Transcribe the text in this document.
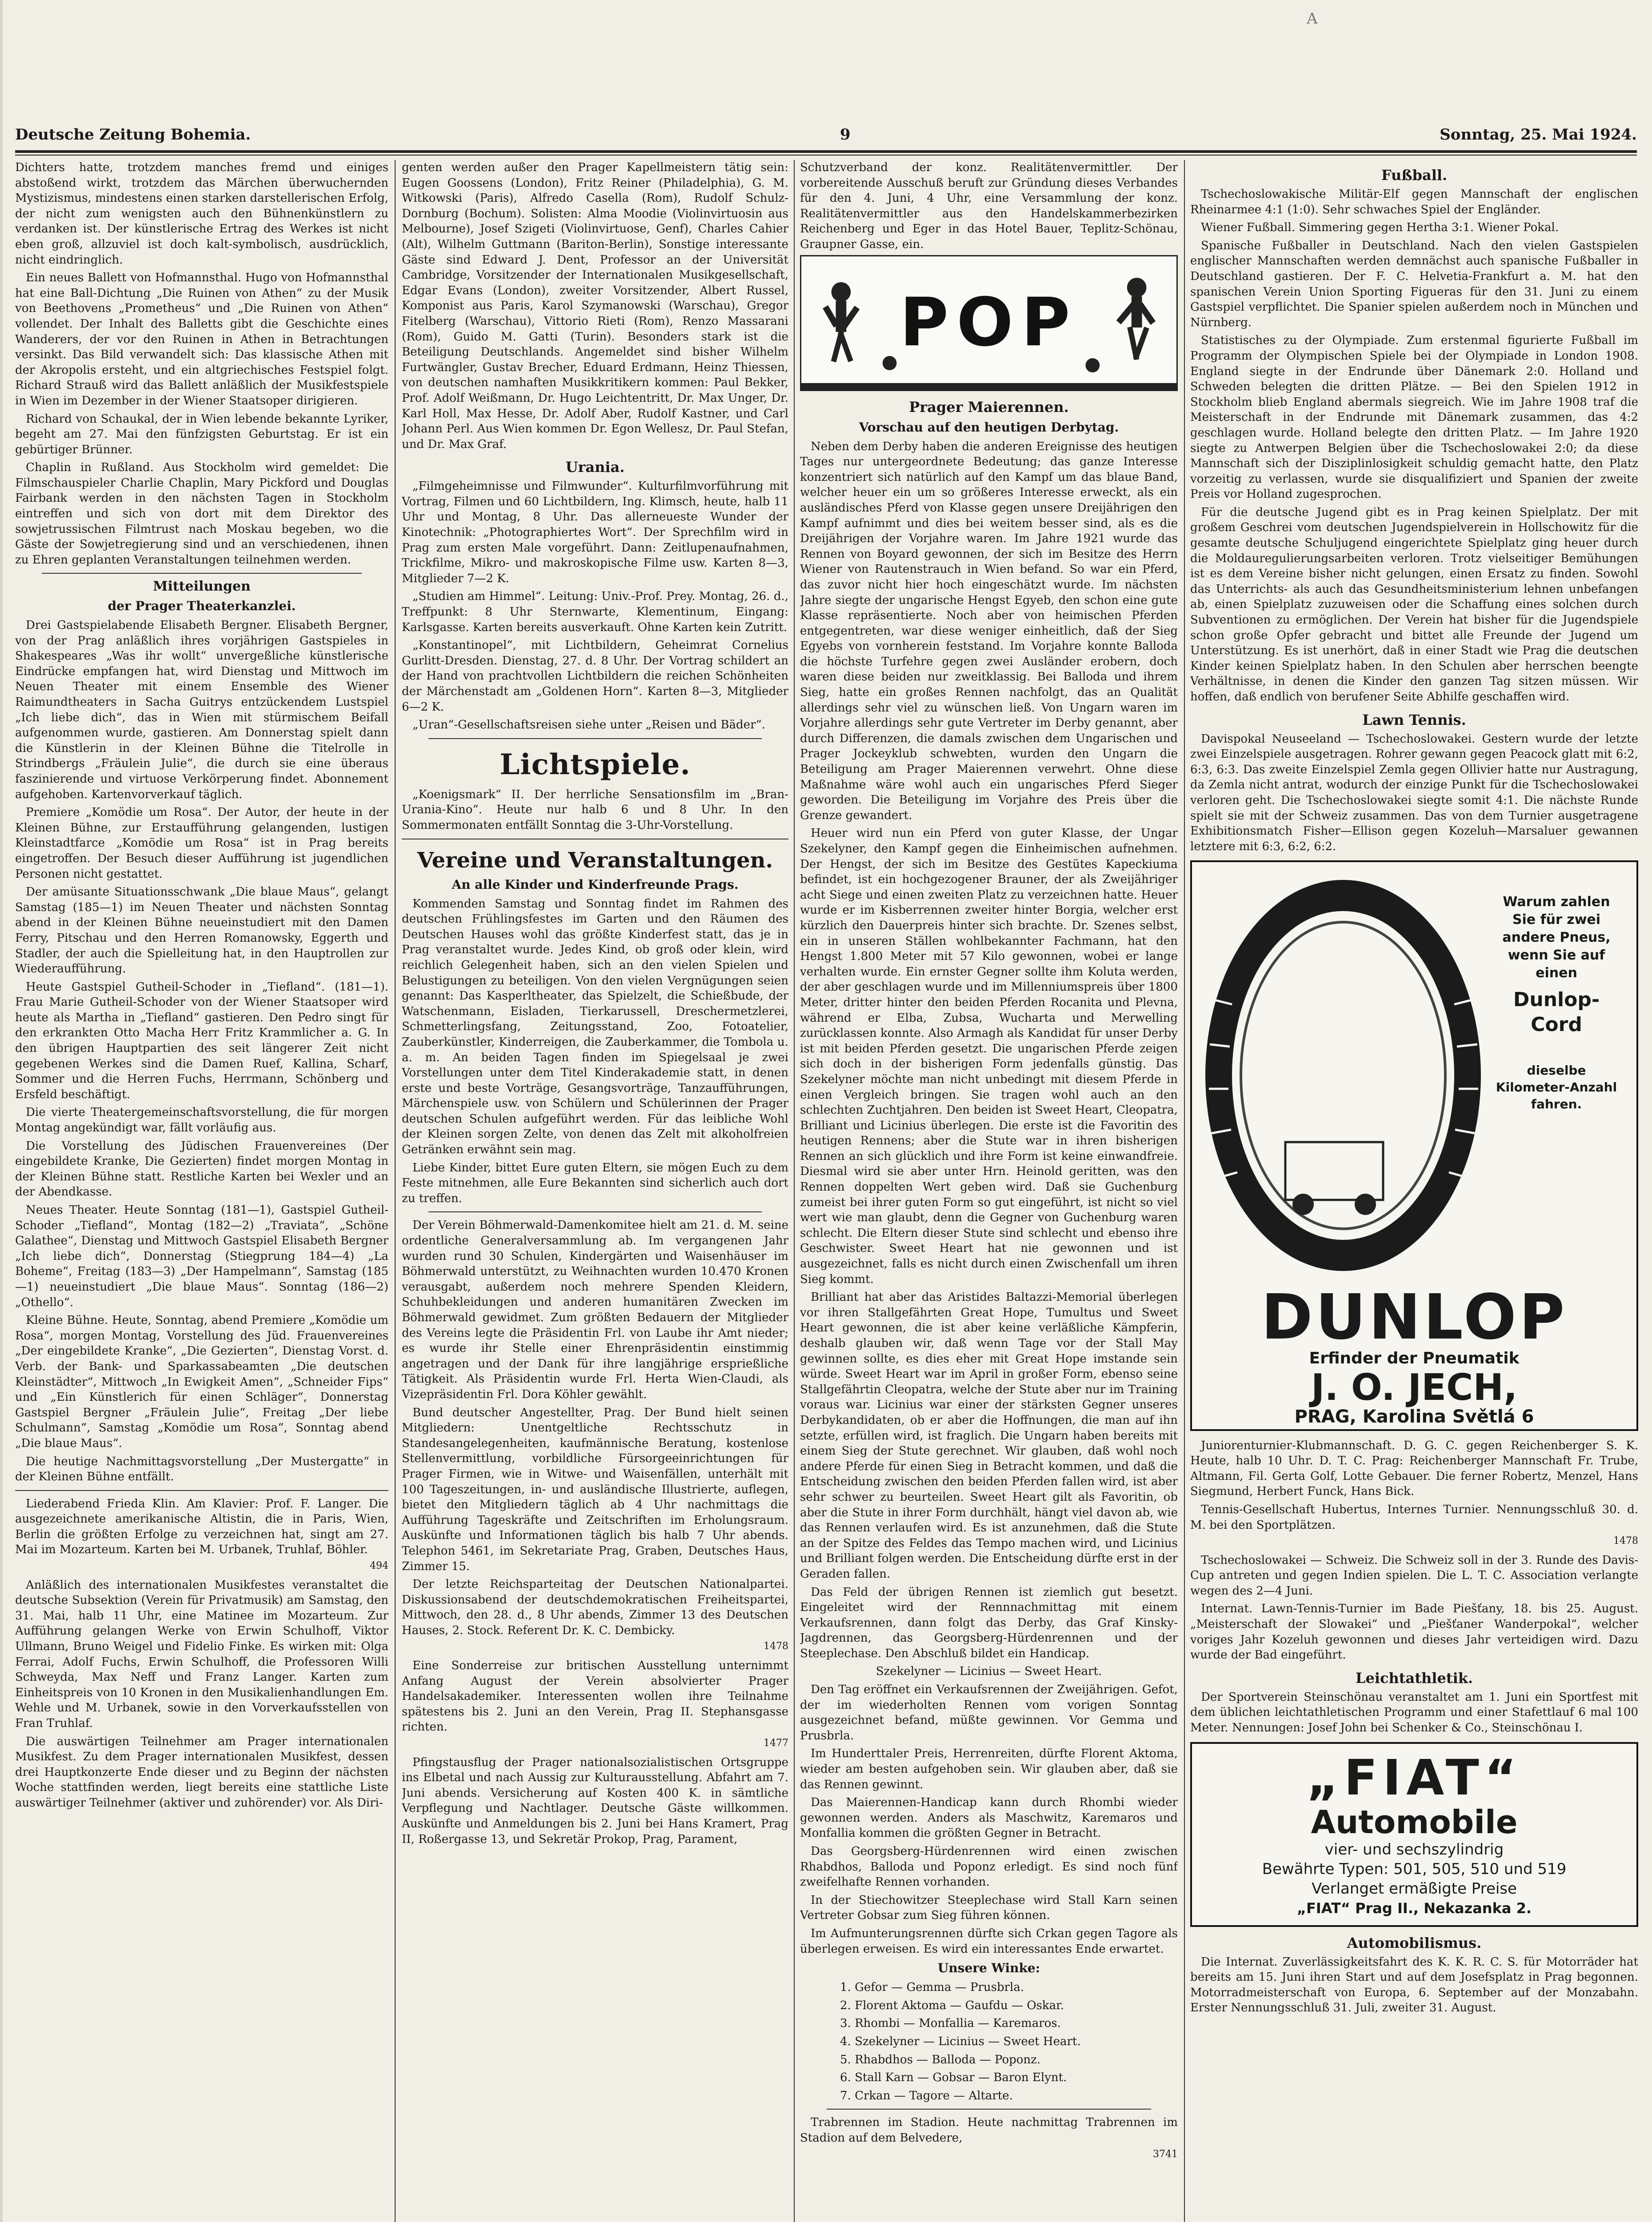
A
Deutsche Zeitung Bohemia.	9	Sonntag, 25. Mai 1924.

Dichters hatte, trotzdem manches fremd und einiges abstoßend wirkt, trotzdem das Märchen überwuchernden Mystizismus, mindestens einen starken darstellerischen Erfolg, der nicht zum wenigsten auch den Bühnenkünstlern zu verdanken ist. Der künstlerische Ertrag des Werkes ist nicht eben groß, allzuviel ist doch kalt-symbolisch, ausdrücklich, nicht eindringlich.

Ein neues Ballett von Hofmannsthal. Hugo von Hofmannsthal hat eine Ball-Dichtung „Die Ruinen von Athen“ zu der Musik von Beethovens „Prometheus“ und „Die Ruinen von Athen“ vollendet. Der Inhalt des Balletts gibt die Geschichte eines Wanderers, der vor den Ruinen in Athen in Betrachtungen versinkt. Das Bild verwandelt sich: Das klassische Athen mit der Akropolis ersteht, und ein altgriechisches Festspiel folgt. Richard Strauß wird das Ballett anläßlich der Musikfestspiele in Wien im Dezember in der Wiener Staatsoper dirigieren.

Richard von Schaukal, der in Wien lebende bekannte Lyriker, begeht am 27. Mai den fünfzigsten Geburtstag. Er ist ein gebürtiger Brünner.

Chaplin in Rußland. Aus Stockholm wird gemeldet: Die Filmschauspieler Charlie Chaplin, Mary Pickford und Douglas Fairbank werden in den nächsten Tagen in Stockholm eintreffen und sich von dort mit dem Direktor des sowjetrussischen Filmtrust nach Moskau begeben, wo die Gäste der Sowjetregierung sind und an verschiedenen, ihnen zu Ehren geplanten Veranstaltungen teilnehmen werden.

Mitteilungen
der Prager Theaterkanzlei.

Drei Gastspielabende Elisabeth Bergner. Elisabeth Bergner, von der Prag anläßlich ihres vorjährigen Gastspieles in Shakespeares „Was ihr wollt“ unvergeßliche künstlerische Eindrücke empfangen hat, wird Dienstag und Mittwoch im Neuen Theater mit einem Ensemble des Wiener Raimundtheaters in Sacha Guitrys entzückendem Lustspiel „Ich liebe dich“, das in Wien mit stürmischem Beifall aufgenommen wurde, gastieren. Am Donnerstag spielt dann die Künstlerin in der Kleinen Bühne die Titelrolle in Strindbergs „Fräulein Julie“, die durch sie eine überaus faszinierende und virtuose Verkörperung findet. Abonnement aufgehoben. Kartenvorverkauf täglich.

Premiere „Komödie um Rosa“. Der Autor, der heute in der Kleinen Bühne, zur Erstaufführung gelangenden, lustigen Kleinstadtfarce „Komödie um Rosa“ ist in Prag bereits eingetroffen. Der Besuch dieser Aufführung ist jugendlichen Personen nicht gestattet.

Der amüsante Situationsschwank „Die blaue Maus“, gelangt Samstag (185—1) im Neuen Theater und nächsten Sonntag abend in der Kleinen Bühne neueinstudiert mit den Damen Ferry, Pitschau und den Herren Romanowsky, Eggerth und Stadler, der auch die Spielleitung hat, in den Hauptrollen zur Wiederaufführung.

Heute Gastspiel Gutheil-Schoder in „Tiefland“. (181—1). Frau Marie Gutheil-Schoder von der Wiener Staatsoper wird heute als Martha in „Tiefland“ gastieren. Den Pedro singt für den erkrankten Otto Macha Herr Fritz Krammlicher a. G. In den übrigen Hauptpartien des seit längerer Zeit nicht gegebenen Werkes sind die Damen Ruef, Kallina, Scharf, Sommer und die Herren Fuchs, Herrmann, Schönberg und Ersfeld beschäftigt.

Die vierte Theatergemeinschaftsvorstellung, die für morgen Montag angekündigt war, fällt vorläufig aus.

Die Vorstellung des Jüdischen Frauenvereines (Der eingebildete Kranke, Die Gezierten) findet morgen Montag in der Kleinen Bühne statt. Restliche Karten bei Wexler und an der Abendkasse.

Neues Theater. Heute Sonntag (181—1), Gastspiel Gutheil-Schoder „Tiefland“, Montag (182—2) „Traviata“, „Schöne Galathee“, Dienstag und Mittwoch Gastspiel Elisabeth Bergner „Ich liebe dich“, Donnerstag (Stiegprung 184—4) „La Boheme“, Freitag (183—3) „Der Hampelmann“, Samstag (185—1) neueinstudiert „Die blaue Maus“. Sonntag (186—2) „Othello“.

Kleine Bühne. Heute, Sonntag, abend Premiere „Komödie um Rosa“, morgen Montag, Vorstellung des Jüd. Frauenvereines „Der eingebildete Kranke“, „Die Gezierten“, Dienstag Vorst. d. Verb. der Bank- und Sparkassabeamten „Die deutschen Kleinstädter“, Mittwoch „In Ewigkeit Amen“, „Schneider Fips“ und „Ein Künstlerich für einen Schläger“, Donnerstag Gastspiel Bergner „Fräulein Julie“, Freitag „Der liebe Schulmann“, Samstag „Komödie um Rosa“, Sonntag abend „Die blaue Maus“.

Die heutige Nachmittagsvorstellung „Der Mustergatte“ in der Kleinen Bühne entfällt.

Liederabend Frieda Klin. Am Klavier: Prof. F. Langer. Die ausgezeichnete amerikanische Altistin, die in Paris, Wien, Berlin die größten Erfolge zu verzeichnen hat, singt am 27. Mai im Mozarteum. Karten bei M. Urbanek, Truhlaf, Böhler.

494

Anläßlich des internationalen Musikfestes veranstaltet die deutsche Subsektion (Verein für Privatmusik) am Samstag, den 31. Mai, halb 11 Uhr, eine Matinee im Mozarteum. Zur Aufführung gelangen Werke von Erwin Schulhoff, Viktor Ullmann, Bruno Weigel und Fidelio Finke. Es wirken mit: Olga Ferrai, Adolf Fuchs, Erwin Schulhoff, die Professoren Willi Schweyda, Max Neff und Franz Langer. Karten zum Einheitspreis von 10 Kronen in den Musikalienhandlungen Em. Wehle und M. Urbanek, sowie in den Vorverkaufsstellen von Fran Truhlaf.

Die auswärtigen Teilnehmer am Prager internationalen Musikfest. Zu dem Prager internationalen Musikfest, dessen drei Hauptkonzerte Ende dieser und zu Beginn der nächsten Woche stattfinden werden, liegt bereits eine stattliche Liste auswärtiger Teilnehmer (aktiver und zuhörender) vor. Als Diri-

genten werden außer den Prager Kapellmeistern tätig sein: Eugen Goossens (London), Fritz Reiner (Philadelphia), G. M. Witkowski (Paris), Alfredo Casella (Rom), Rudolf Schulz-Dornburg (Bochum). Solisten: Alma Moodie (Violinvirtuosin aus Melbourne), Josef Szigeti (Violinvirtuose, Genf), Charles Cahier (Alt), Wilhelm Guttmann (Bariton-Berlin), Sonstige interessante Gäste sind Edward J. Dent, Professor an der Universität Cambridge, Vorsitzender der Internationalen Musikgesellschaft, Edgar Evans (London), zweiter Vorsitzender, Albert Russel, Komponist aus Paris, Karol Szymanowski (Warschau), Gregor Fitelberg (Warschau), Vittorio Rieti (Rom), Renzo Massarani (Rom), Guido M. Gatti (Turin). Besonders stark ist die Beteiligung Deutschlands. Angemeldet sind bisher Wilhelm Furtwängler, Gustav Brecher, Eduard Erdmann, Heinz Thiessen, von deutschen namhaften Musikkritikern kommen: Paul Bekker, Prof. Adolf Weißmann, Dr. Hugo Leichtentritt, Dr. Max Unger, Dr. Karl Holl, Max Hesse, Dr. Adolf Aber, Rudolf Kastner, und Carl Johann Perl. Aus Wien kommen Dr. Egon Wellesz, Dr. Paul Stefan, und Dr. Max Graf.

Urania.

„Filmgeheimnisse und Filmwunder“. Kulturfilmvorführung mit Vortrag, Filmen und 60 Lichtbildern, Ing. Klimsch, heute, halb 11 Uhr und Montag, 8 Uhr. Das allerneueste Wunder der Kinotechnik: „Photographiertes Wort“. Der Sprechfilm wird in Prag zum ersten Male vorgeführt. Dann: Zeitlupenaufnahmen, Trickfilme, Mikro- und makroskopische Filme usw. Karten 8—3, Mitglieder 7—2 K.

„Studien am Himmel“. Leitung: Univ.-Prof. Prey. Montag, 26. d., Treffpunkt: 8 Uhr Sternwarte, Klementinum, Eingang: Karlsgasse. Karten bereits ausverkauft. Ohne Karten kein Zutritt.

„Konstantinopel“, mit Lichtbildern, Geheimrat Cornelius Gurlitt-Dresden. Dienstag, 27. d. 8 Uhr. Der Vortrag schildert an der Hand von prachtvollen Lichtbildern die reichen Schönheiten der Märchenstadt am „Goldenen Horn“. Karten 8—3, Mitglieder 6—2 K.

„Uran“-Gesellschaftsreisen siehe unter „Reisen und Bäder“.

Lichtspiele.

„Koenigsmark“ II. Der herrliche Sensationsfilm im „Bran-Urania-Kino“. Heute nur halb 6 und 8 Uhr. In den Sommermonaten entfällt Sonntag die 3-Uhr-Vorstellung.

Vereine und Veranstaltungen.
An alle Kinder und Kinderfreunde Prags.

Kommenden Samstag und Sonntag findet im Rahmen des deutschen Frühlingsfestes im Garten und den Räumen des Deutschen Hauses wohl das größte Kinderfest statt, das je in Prag veranstaltet wurde. Jedes Kind, ob groß oder klein, wird reichlich Gelegenheit haben, sich an den vielen Spielen und Belustigungen zu beteiligen. Von den vielen Vergnügungen seien genannt: Das Kasperltheater, das Spielzelt, die Schießbude, der Watschenmann, Eisladen, Tierkarussell, Dreschermetzlerei, Schmetterlingsfang, Zeitungsstand, Zoo, Fotoatelier, Zauberkünstler, Kinderreigen, die Zauberkammer, die Tombola u. a. m. An beiden Tagen finden im Spiegelsaal je zwei Vorstellungen unter dem Titel Kinderakademie statt, in denen erste und beste Vorträge, Gesangsvorträge, Tanzaufführungen, Märchenspiele usw. von Schülern und Schülerinnen der Prager deutschen Schulen aufgeführt werden. Für das leibliche Wohl der Kleinen sorgen Zelte, von denen das Zelt mit alkoholfreien Getränken erwähnt sein mag.

Liebe Kinder, bittet Eure guten Eltern, sie mögen Euch zu dem Feste mitnehmen, alle Eure Bekannten sind sicherlich auch dort zu treffen.

Der Verein Böhmerwald-Damenkomitee hielt am 21. d. M. seine ordentliche Generalversammlung ab. Im vergangenen Jahr wurden rund 30 Schulen, Kindergärten und Waisenhäuser im Böhmerwald unterstützt, zu Weihnachten wurden 10.470 Kronen verausgabt, außerdem noch mehrere Spenden Kleidern, Schuhbekleidungen und anderen humanitären Zwecken im Böhmerwald gewidmet. Zum größten Bedauern der Mitglieder des Vereins legte die Präsidentin Frl. von Laube ihr Amt nieder; es wurde ihr Stelle einer Ehrenpräsidentin einstimmig angetragen und der Dank für ihre langjährige ersprießliche Tätigkeit. Als Präsidentin wurde Frl. Herta Wien-Claudi, als Vizepräsidentin Frl. Dora Köhler gewählt.

Bund deutscher Angestellter, Prag. Der Bund hielt seinen Mitgliedern: Unentgeltliche Rechtsschutz in Standesangelegenheiten, kaufmännische Beratung, kostenlose Stellenvermittlung, vorbildliche Fürsorgeeinrichtungen für Prager Firmen, wie in Witwe- und Waisenfällen, unterhält mit 100 Tageszeitungen, in- und ausländische Illustrierte, auflegen, bietet den Mitgliedern täglich ab 4 Uhr nachmittags die Aufführung Tageskräfte und Zeitschriften im Erholungsraum. Auskünfte und Informationen täglich bis halb 7 Uhr abends. Telephon 5461, im Sekretariate Prag, Graben, Deutsches Haus, Zimmer 15.

Der letzte Reichsparteitag der Deutschen Nationalpartei. Diskussionsabend der deutschdemokratischen Freiheitspartei, Mittwoch, den 28. d., 8 Uhr abends, Zimmer 13 des Deutschen Hauses, 2. Stock. Referent Dr. K. C. Dembicky.

1478

Eine Sonderreise zur britischen Ausstellung unternimmt Anfang August der Verein absolvierter Prager Handelsakademiker. Interessenten wollen ihre Teilnahme spätestens bis 2. Juni an den Verein, Prag II. Stephansgasse richten.

1477

Pfingstausflug der Prager nationalsozialistischen Ortsgruppe ins Elbetal und nach Aussig zur Kulturausstellung. Abfahrt am 7. Juni abends. Versicherung auf Kosten 400 K. in sämtliche Verpflegung und Nachtlager. Deutsche Gäste willkommen. Auskünfte und Anmeldungen bis 2. Juni bei Hans Kramert, Prag II, Roßergasse 13, und Sekretär Prokop, Prag, Parament,

Schutzverband der konz. Realitätenvermittler. Der vorbereitende Ausschuß beruft zur Gründung dieses Verbandes für den 4. Juni, 4 Uhr, eine Versammlung der konz. Realitätenvermittler aus den Handelskammerbezirken Reichenberg und Eger in das Hotel Bauer, Teplitz-Schönau, Graupner Gasse, ein.

POP
Prager Maierennen.
Vorschau auf den heutigen Derbytag.

Neben dem Derby haben die anderen Ereignisse des heutigen Tages nur untergeordnete Bedeutung; das ganze Interesse konzentriert sich natürlich auf den Kampf um das blaue Band, welcher heuer ein um so größeres Interesse erweckt, als ein ausländisches Pferd von Klasse gegen unsere Dreijährigen den Kampf aufnimmt und dies bei weitem besser sind, als es die Dreijährigen der Vorjahre waren. Im Jahre 1921 wurde das Rennen von Boyard gewonnen, der sich im Besitze des Herrn Wiener von Rautenstrauch in Wien befand. So war ein Pferd, das zuvor nicht hier hoch eingeschätzt wurde. Im nächsten Jahre siegte der ungarische Hengst Egyeb, den schon eine gute Klasse repräsentierte. Noch aber von heimischen Pferden entgegentreten, war diese weniger einheitlich, daß der Sieg Egyebs von vornherein feststand. Im Vorjahre konnte Balloda die höchste Turfehre gegen zwei Ausländer erobern, doch waren diese beiden nur zweitklassig. Bei Balloda und ihrem Sieg, hatte ein großes Rennen nachfolgt, das an Qualität allerdings sehr viel zu wünschen ließ. Von Ungarn waren im Vorjahre allerdings sehr gute Vertreter im Derby genannt, aber durch Differenzen, die damals zwischen dem Ungarischen und Prager Jockeyklub schwebten, wurden den Ungarn die Beteiligung am Prager Maierennen verwehrt. Ohne diese Maßnahme wäre wohl auch ein ungarisches Pferd Sieger geworden. Die Beteiligung im Vorjahre des Preis über die Grenze gewandert.

Heuer wird nun ein Pferd von guter Klasse, der Ungar Szekelyner, den Kampf gegen die Einheimischen aufnehmen. Der Hengst, der sich im Besitze des Gestütes Kapeckiuma befindet, ist ein hochgezogener Brauner, der als Zweijähriger acht Siege und einen zweiten Platz zu verzeichnen hatte. Heuer wurde er im Kisberrennen zweiter hinter Borgia, welcher erst kürzlich den Dauerpreis hinter sich brachte. Dr. Szenes selbst, ein in unseren Ställen wohlbekannter Fachmann, hat den Hengst 1.800 Meter mit 57 Kilo gewonnen, wobei er lange verhalten wurde. Ein ernster Gegner sollte ihm Koluta werden, der aber geschlagen wurde und im Millenniumspreis über 1800 Meter, dritter hinter den beiden Pferden Rocanita und Plevna, während er Elba, Zubsa, Wucharta und Merwelling zurücklassen konnte. Also Armagh als Kandidat für unser Derby ist mit beiden Pferden gesetzt. Die ungarischen Pferde zeigen sich doch in der bisherigen Form jedenfalls günstig. Das Szekelyner möchte man nicht unbedingt mit diesem Pferde in einen Vergleich bringen. Sie tragen wohl auch an den schlechten Zuchtjahren. Den beiden ist Sweet Heart, Cleopatra, Brilliant und Licinius überlegen. Die erste ist die Favoritin des heutigen Rennens; aber die Stute war in ihren bisherigen Rennen an sich glücklich und ihre Form ist keine einwandfreie. Diesmal wird sie aber unter Hrn. Heinold geritten, was den Rennen doppelten Wert geben wird. Daß sie Guchenburg zumeist bei ihrer guten Form so gut eingeführt, ist nicht so viel wert wie man glaubt, denn die Gegner von Guchenburg waren schlecht. Die Eltern dieser Stute sind schlecht und ebenso ihre Geschwister. Sweet Heart hat nie gewonnen und ist ausgezeichnet, falls es nicht durch einen Zwischenfall um ihren Sieg kommt.

Brilliant hat aber das Aristides Baltazzi-Memorial überlegen vor ihren Stallgefährten Great Hope, Tumultus und Sweet Heart gewonnen, die ist aber keine verläßliche Kämpferin, deshalb glauben wir, daß wenn Tage vor der Stall May gewinnen sollte, es dies eher mit Great Hope imstande sein würde. Sweet Heart war im April in großer Form, ebenso seine Stallgefährtin Cleopatra, welche der Stute aber nur im Training voraus war. Licinius war einer der stärksten Gegner unseres Derbykandidaten, ob er aber die Hoffnungen, die man auf ihn setzte, erfüllen wird, ist fraglich. Die Ungarn haben bereits mit einem Sieg der Stute gerechnet. Wir glauben, daß wohl noch andere Pferde für einen Sieg in Betracht kommen, und daß die Entscheidung zwischen den beiden Pferden fallen wird, ist aber sehr schwer zu beurteilen. Sweet Heart gilt als Favoritin, ob aber die Stute in ihrer Form durchhält, hängt viel davon ab, wie das Rennen verlaufen wird. Es ist anzunehmen, daß die Stute an der Spitze des Feldes das Tempo machen wird, und Licinius und Brilliant folgen werden. Die Entscheidung dürfte erst in der Geraden fallen.

Das Feld der übrigen Rennen ist ziemlich gut besetzt. Eingeleitet wird der Rennnachmittag mit einem Verkaufsrennen, dann folgt das Derby, das Graf Kinsky-Jagdrennen, das Georgsberg-Hürdenrennen und der Steeplechase. Den Abschluß bildet ein Handicap.

Szekelyner — Licinius — Sweet Heart.

Den Tag eröffnet ein Verkaufsrennen der Zweijährigen. Gefot, der im wiederholten Rennen vom vorigen Sonntag ausgezeichnet befand, müßte gewinnen. Vor Gemma und Prusbrla.

Im Hunderttaler Preis, Herrenreiten, dürfte Florent Aktoma, wieder am besten aufgehoben sein. Wir glauben aber, daß sie das Rennen gewinnt.

Das Maierennen-Handicap kann durch Rhombi wieder gewonnen werden. Anders als Maschwitz, Karemaros und Monfallia kommen die größten Gegner in Betracht.

Das Georgsberg-Hürdenrennen wird einen zwischen Rhabdhos, Balloda und Poponz erledigt. Es sind noch fünf zweifelhafte Rennen vorhanden.

In der Stiechowitzer Steeplechase wird Stall Karn seinen Vertreter Gobsar zum Sieg führen können.

Im Aufmunterungsrennen dürfte sich Crkan gegen Tagore als überlegen erweisen. Es wird ein interessantes Ende erwartet.

Unsere Winke:

1. Gefor — Gemma — Prusbrla.

2. Florent Aktoma — Gaufdu — Oskar.

3. Rhombi — Monfallia — Karemaros.

4. Szekelyner — Licinius — Sweet Heart.

5. Rhabdhos — Balloda — Poponz.

6. Stall Karn — Gobsar — Baron Elynt.

7. Crkan — Tagore — Altarte.

Trabrennen im Stadion. Heute nachmittag Trabrennen im Stadion auf dem Belvedere,

3741
Fußball.

Tschechoslowakische Militär-Elf gegen Mannschaft der englischen Rheinarmee 4:1 (1:0). Sehr schwaches Spiel der Engländer.

Wiener Fußball. Simmering gegen Hertha 3:1. Wiener Pokal.

Spanische Fußballer in Deutschland. Nach den vielen Gastspielen englischer Mannschaften werden demnächst auch spanische Fußballer in Deutschland gastieren. Der F. C. Helvetia-Frankfurt a. M. hat den spanischen Verein Union Sporting Figueras für den 31. Juni zu einem Gastspiel verpflichtet. Die Spanier spielen außerdem noch in München und Nürnberg.

Statistisches zu der Olympiade. Zum erstenmal figurierte Fußball im Programm der Olympischen Spiele bei der Olympiade in London 1908. England siegte in der Endrunde über Dänemark 2:0. Holland und Schweden belegten die dritten Plätze. — Bei den Spielen 1912 in Stockholm blieb England abermals siegreich. Wie im Jahre 1908 traf die Meisterschaft in der Endrunde mit Dänemark zusammen, das 4:2 geschlagen wurde. Holland belegte den dritten Platz. — Im Jahre 1920 siegte zu Antwerpen Belgien über die Tschechoslowakei 2:0; da diese Mannschaft sich der Disziplinlosigkeit schuldig gemacht hatte, den Platz vorzeitig zu verlassen, wurde sie disqualifiziert und Spanien der zweite Preis vor Holland zugesprochen.

Für die deutsche Jugend gibt es in Prag keinen Spielplatz. Der mit großem Geschrei vom deutschen Jugendspielverein in Hollschowitz für die gesamte deutsche Schuljugend eingerichtete Spielplatz ging heuer durch die Moldauregulierungsarbeiten verloren. Trotz vielseitiger Bemühungen ist es dem Vereine bisher nicht gelungen, einen Ersatz zu finden. Sowohl das Unterrichts- als auch das Gesundheitsministerium lehnen unbefangen ab, einen Spielplatz zuzuweisen oder die Schaffung eines solchen durch Subventionen zu ermöglichen. Der Verein hat bisher für die Jugendspiele schon große Opfer gebracht und bittet alle Freunde der Jugend um Unterstützung. Es ist unerhört, daß in einer Stadt wie Prag die deutschen Kinder keinen Spielplatz haben. In den Schulen aber herrschen beengte Verhältnisse, in denen die Kinder den ganzen Tag sitzen müssen. Wir hoffen, daß endlich von berufener Seite Abhilfe geschaffen wird.

Lawn Tennis.

Davispokal Neuseeland — Tschechoslowakei. Gestern wurde der letzte zwei Einzelspiele ausgetragen. Rohrer gewann gegen Peacock glatt mit 6:2, 6:3, 6:3. Das zweite Einzelspiel Zemla gegen Ollivier hatte nur Austragung, da Zemla nicht antrat, wodurch der einzige Punkt für die Tschechoslowakei verloren geht. Die Tschechoslowakei siegte somit 4:1. Die nächste Runde spielt sie mit der Schweiz zusammen. Das von dem Turnier ausgetragene Exhibitionsmatch Fisher—Ellison gegen Kozeluh—Marsaluer gewannen letztere mit 6:3, 6:2, 6:2.

Warum zahlen Sie für zwei andere Pneus, wenn Sie auf einen
Dunlop-Cord
dieselbe Kilometer-Anzahl fahren.
DUNLOP
Erfinder der Pneumatik
J. O. JECH,
PRAG, Karolina Světlá 6

Juniorenturnier-Klubmannschaft. D. G. C. gegen Reichenberger S. K. Heute, halb 10 Uhr. D. T. C. Prag: Reichenberger Mannschaft Fr. Trube, Altmann, Fil. Gerta Golf, Lotte Gebauer. Die ferner Robertz, Menzel, Hans Siegmund, Herbert Funck, Hans Bick.

Tennis-Gesellschaft Hubertus, Internes Turnier. Nennungsschluß 30. d. M. bei den Sportplätzen.

1478

Tschechoslowakei — Schweiz. Die Schweiz soll in der 3. Runde des Davis-Cup antreten und gegen Indien spielen. Die L. T. C. Association verlangte wegen des 2—4 Juni.

Internat. Lawn-Tennis-Turnier im Bade Piešťany, 18. bis 25. August. „Meisterschaft der Slowakei“ und „Piešťaner Wanderpokal“, welcher voriges Jahr Kozeluh gewonnen und dieses Jahr verteidigen wird. Dazu wurde der Bad eingeführt.

Leichtathletik.

Der Sportverein Steinschönau veranstaltet am 1. Juni ein Sportfest mit dem üblichen leichtathletischen Programm und einer Stafettlauf 6 mal 100 Meter. Nennungen: Josef John bei Schenker & Co., Steinschönau I.

„FIAT“
Automobile
vier- und sechszylindrig
Bewährte Typen: 501, 505, 510 und 519
Verlanget ermäßigte Preise
„FIAT“ Prag II., Nekazanka 2.
Automobilismus.

Die Internat. Zuverlässigkeitsfahrt des K. K. R. C. S. für Motorräder hat bereits am 15. Juni ihren Start und auf dem Josefsplatz in Prag begonnen. Motorradmeisterschaft von Europa, 6. September auf der Monzabahn. Erster Nennungsschluß 31. Juli, zweiter 31. August.
